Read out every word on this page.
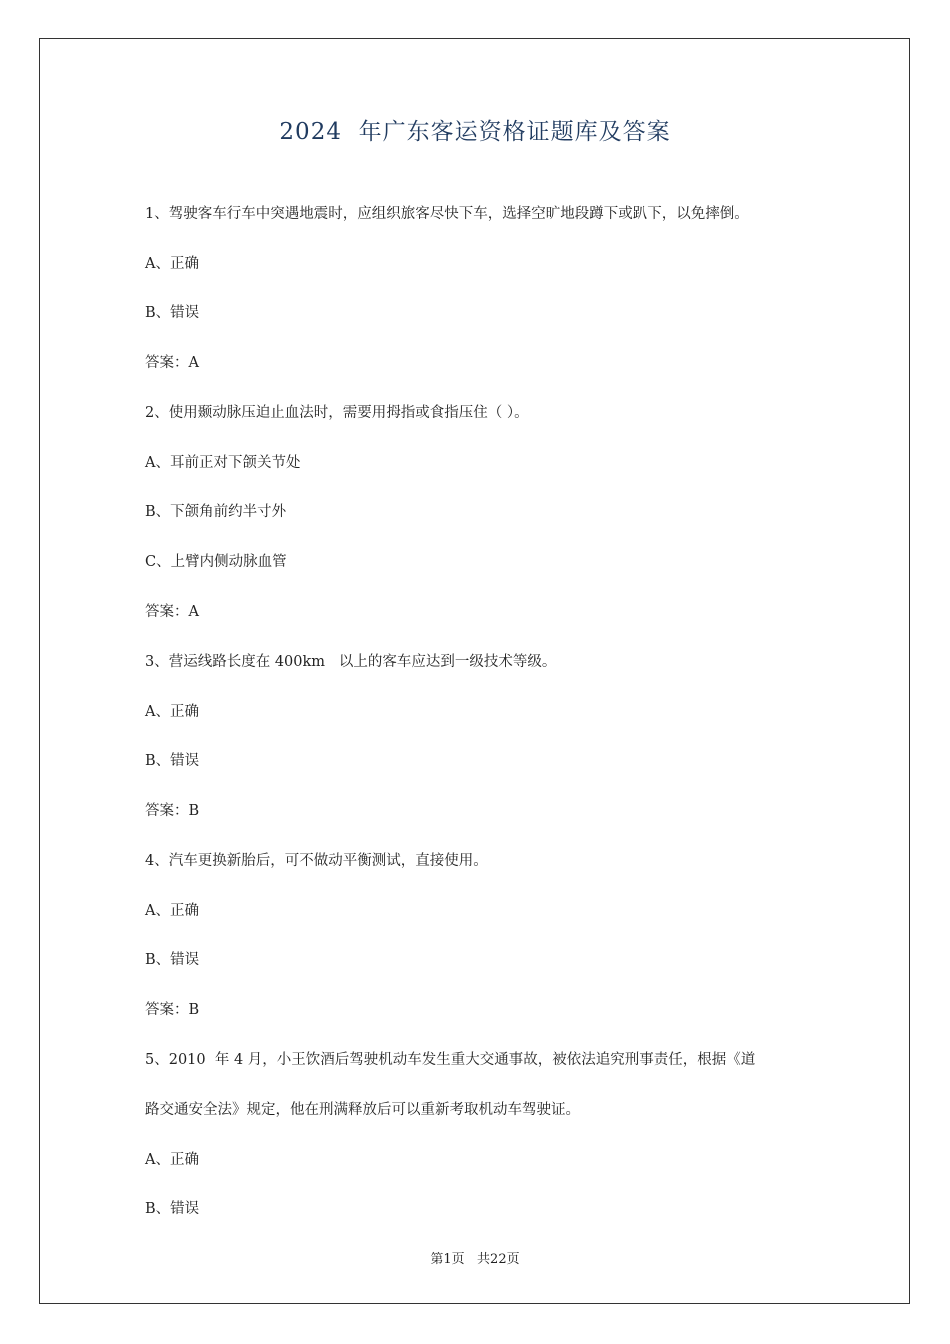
2024  年广东客运资格证题库及答案
1、驾驶客车行车中突遇地震时，应组织旅客尽快下车，选择空旷地段蹲下或趴下，以免摔倒。
A、正确
B、错误
答案：A
2、使用颞动脉压迫止血法时，需要用拇指或食指压住（ ）。
A、耳前正对下颌关节处
B、下颌角前约半寸外
C、上臂内侧动脉血管
答案：A
3、营运线路长度在 400km   以上的客车应达到一级技术等级。
A、正确
B、错误
答案：B
4、汽车更换新胎后，可不做动平衡测试，直接使用。
A、正确
B、错误
答案：B
5、2010  年 4 月，小王饮酒后驾驶机动车发生重大交通事故，被依法追究刑事责任，根据《道
路交通安全法》规定，他在刑满释放后可以重新考取机动车驾驶证。
A、正确
B、错误
第1页   共22页
